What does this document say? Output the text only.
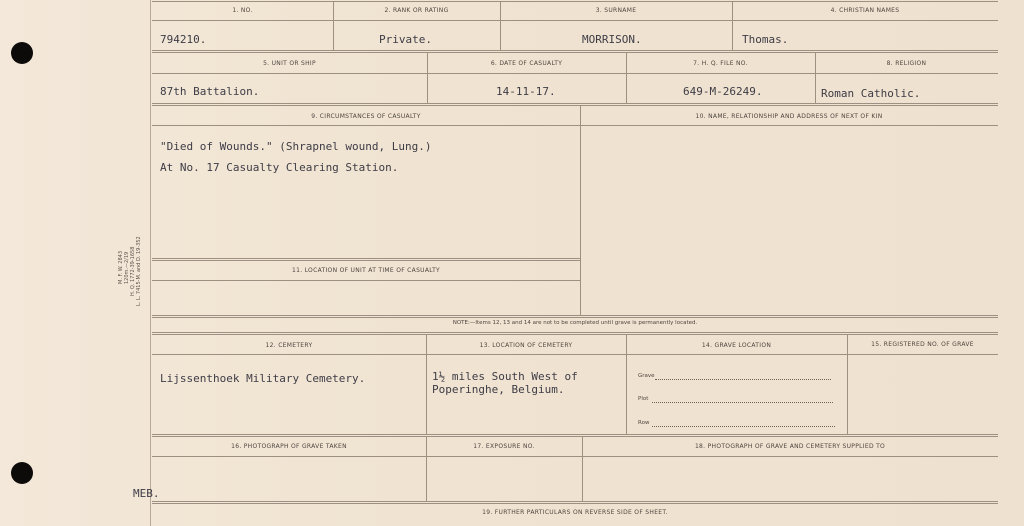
M. F. W. 2843 120m.—2/19 H. Q. 1772-39-1658 L. L. 7415-M. and D. 19-352
1. NO.	2. RANK OR RATING	3. SURNAME	4. CHRISTIAN NAMES
794210.	Private.	MORRISON.	Thomas.
5. UNIT OR SHIP	6. DATE OF CASUALTY	7. H. Q. FILE NO.	8. RELIGION
87th Battalion.	14-11-17.	649-M-26249.	Roman Catholic.
9. CIRCUMSTANCES OF CASUALTY	10. NAME, RELATIONSHIP AND ADDRESS OF NEXT OF KIN
"Died of Wounds." (Shrapnel wound, Lung.)
At No. 17 Casualty Clearing Station.
11. LOCATION OF UNIT AT TIME OF CASUALTY
NOTE:—Items 12, 13 and 14 are not to be completed until grave is permanently located.
12. CEMETERY	13. LOCATION OF CEMETERY	14. GRAVE LOCATION	15. REGISTERED NO. OF GRAVE
Lijssenthoek Military Cemetery.	1½ miles South West of
Poperinghe, Belgium.
Grave
Plot
Row
16. PHOTOGRAPH OF GRAVE TAKEN	17. EXPOSURE NO.	18. PHOTOGRAPH OF GRAVE AND CEMETERY SUPPLIED TO
MEB.
19. FURTHER PARTICULARS ON REVERSE SIDE OF SHEET.
